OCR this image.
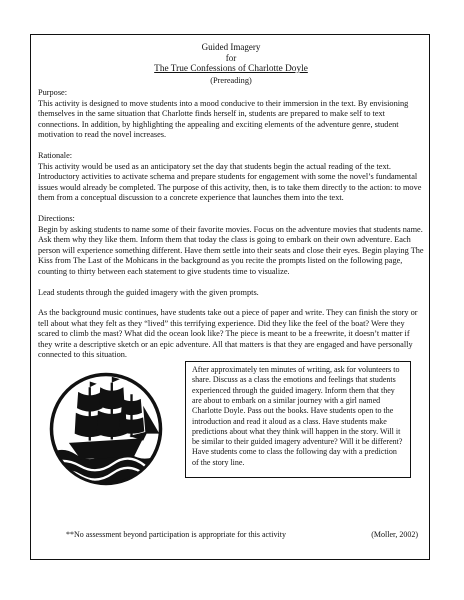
Guided Imagery
for
The True Confessions of Charlotte Doyle
(Prereading)
Purpose:
This activity is designed to move students into a mood conducive to their immersion in the text. By envisioning themselves in the same situation that Charlotte finds herself in, students are prepared to make self to text connections. In addition, by highlighting the appealing and exciting elements of the adventure genre, student motivation to read the novel increases.
Rationale:
This activity would be used as an anticipatory set the day that students begin the actual reading of the text. Introductory activities to activate schema and prepare students for engagement with some the novel’s fundamental issues would already be completed. The purpose of this activity, then, is to take them directly to the action: to move them from a conceptual discussion to a concrete experience that launches them into the text.
Directions:

Begin by asking students to name some of their favorite movies. Focus on the adventure movies that students name. Ask them why they like them. Inform them that today the class is going to embark on their own adventure. Each person will experience something different. Have them settle into their seats and close their eyes. Begin playing The Kiss from The Last of the Mohicans in the background as you recite the prompts listed on the following page, counting to thirty between each statement to give students time to visualize.

Lead students through the guided imagery with the given prompts.

As the background music continues, have students take out a piece of paper and write. They can finish the story or tell about what they felt as they “lived” this terrifying experience. Did they like the feel of the boat? Were they scared to climb the mast? What did the ocean look like? The piece is meant to be a freewrite, it doesn’t matter if they write a descriptive sketch or an epic adventure. All that matters is that they are engaged and have personally connected to this situation.

After approximately ten minutes of writing, ask for volunteers to share. Discuss as a class the emotions and feelings that students experienced through the guided imagery. Inform them that they are about to embark on a similar journey with a girl named Charlotte Doyle. Pass out the books. Have students open to the introduction and read it aloud as a class. Have students make predictions about what they think will happen in the story. Will it be similar to their guided imagery adventure? Will it be different? Have students come to class the following day with a prediction of the story line.
**No assessment beyond participation is appropriate for this activity	(Moller, 2002)
